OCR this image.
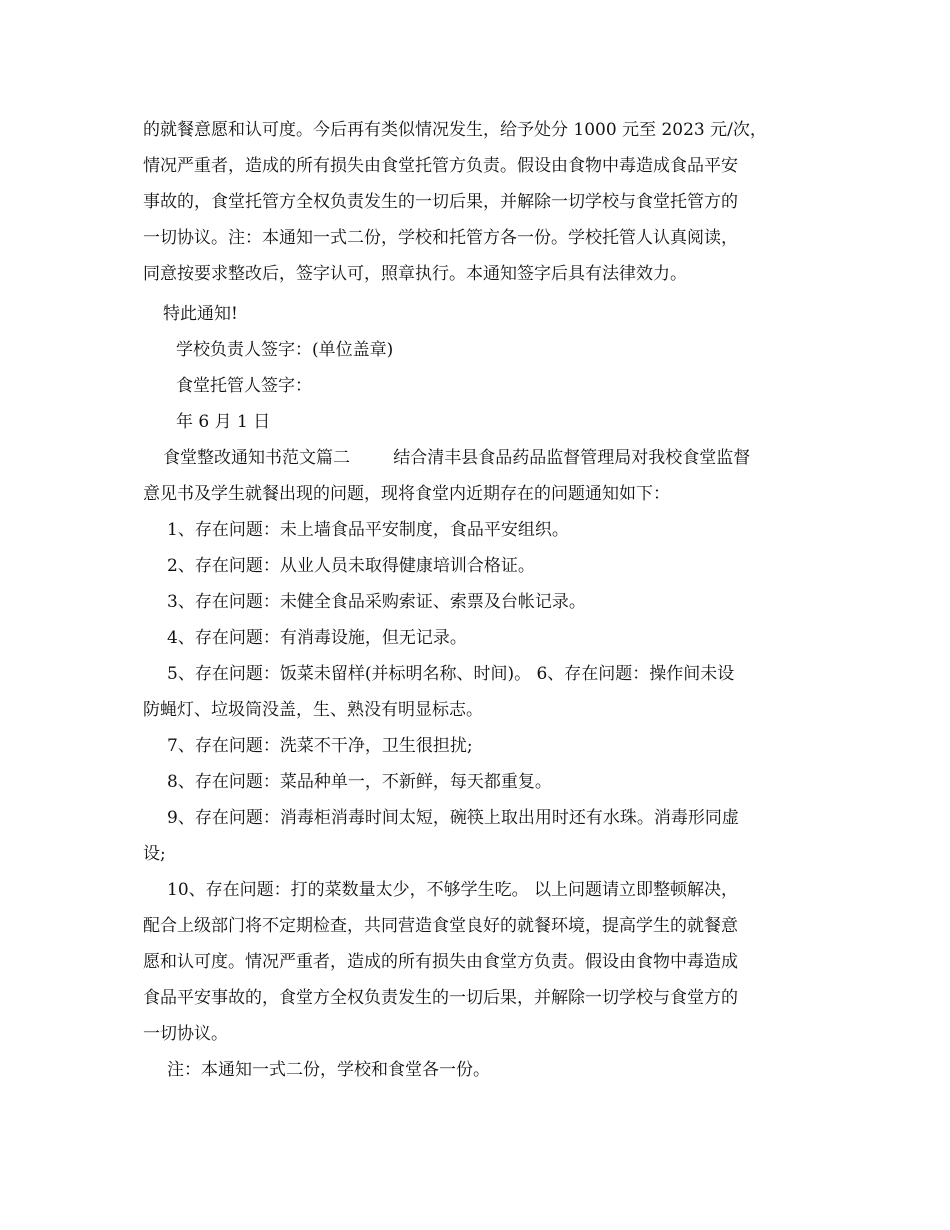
的就餐意愿和认可度。今后再有类似情况发生，给予处分 1000 元至 2023 元/次，
情况严重者，造成的所有损失由食堂托管方负责。假设由食物中毒造成食品平安
事故的，食堂托管方全权负责发生的一切后果，并解除一切学校与食堂托管方的
一切协议。注：本通知一式二份，学校和托管方各一份。学校托管人认真阅读，
同意按要求整改后，签字认可，照章执行。本通知签字后具有法律效力。
特此通知!
学校负责人签字：(单位盖章)
食堂托管人签字：
年 6 月 1 日
食堂整改通知书范文篇二        结合清丰县食品药品监督管理局对我校食堂监督
意见书及学生就餐出现的问题，现将食堂内近期存在的问题通知如下：
1、存在问题：未上墙食品平安制度，食品平安组织。
2、存在问题：从业人员未取得健康培训合格证。
3、存在问题：未健全食品采购索证、索票及台帐记录。
4、存在问题：有消毒设施，但无记录。
5、存在问题：饭菜未留样(并标明名称、时间)。 6、存在问题：操作间未设
防蝇灯、垃圾筒没盖，生、熟没有明显标志。
7、存在问题：洗菜不干净，卫生很担扰;
8、存在问题：菜品种单一，不新鲜，每天都重复。
9、存在问题：消毒柜消毒时间太短，碗筷上取出用时还有水珠。消毒形同虚
设;
10、存在问题：打的菜数量太少，不够学生吃。 以上问题请立即整顿解决，
配合上级部门将不定期检查，共同营造食堂良好的就餐环境，提高学生的就餐意
愿和认可度。情况严重者，造成的所有损失由食堂方负责。假设由食物中毒造成
食品平安事故的，食堂方全权负责发生的一切后果，并解除一切学校与食堂方的
一切协议。
注：本通知一式二份，学校和食堂各一份。
